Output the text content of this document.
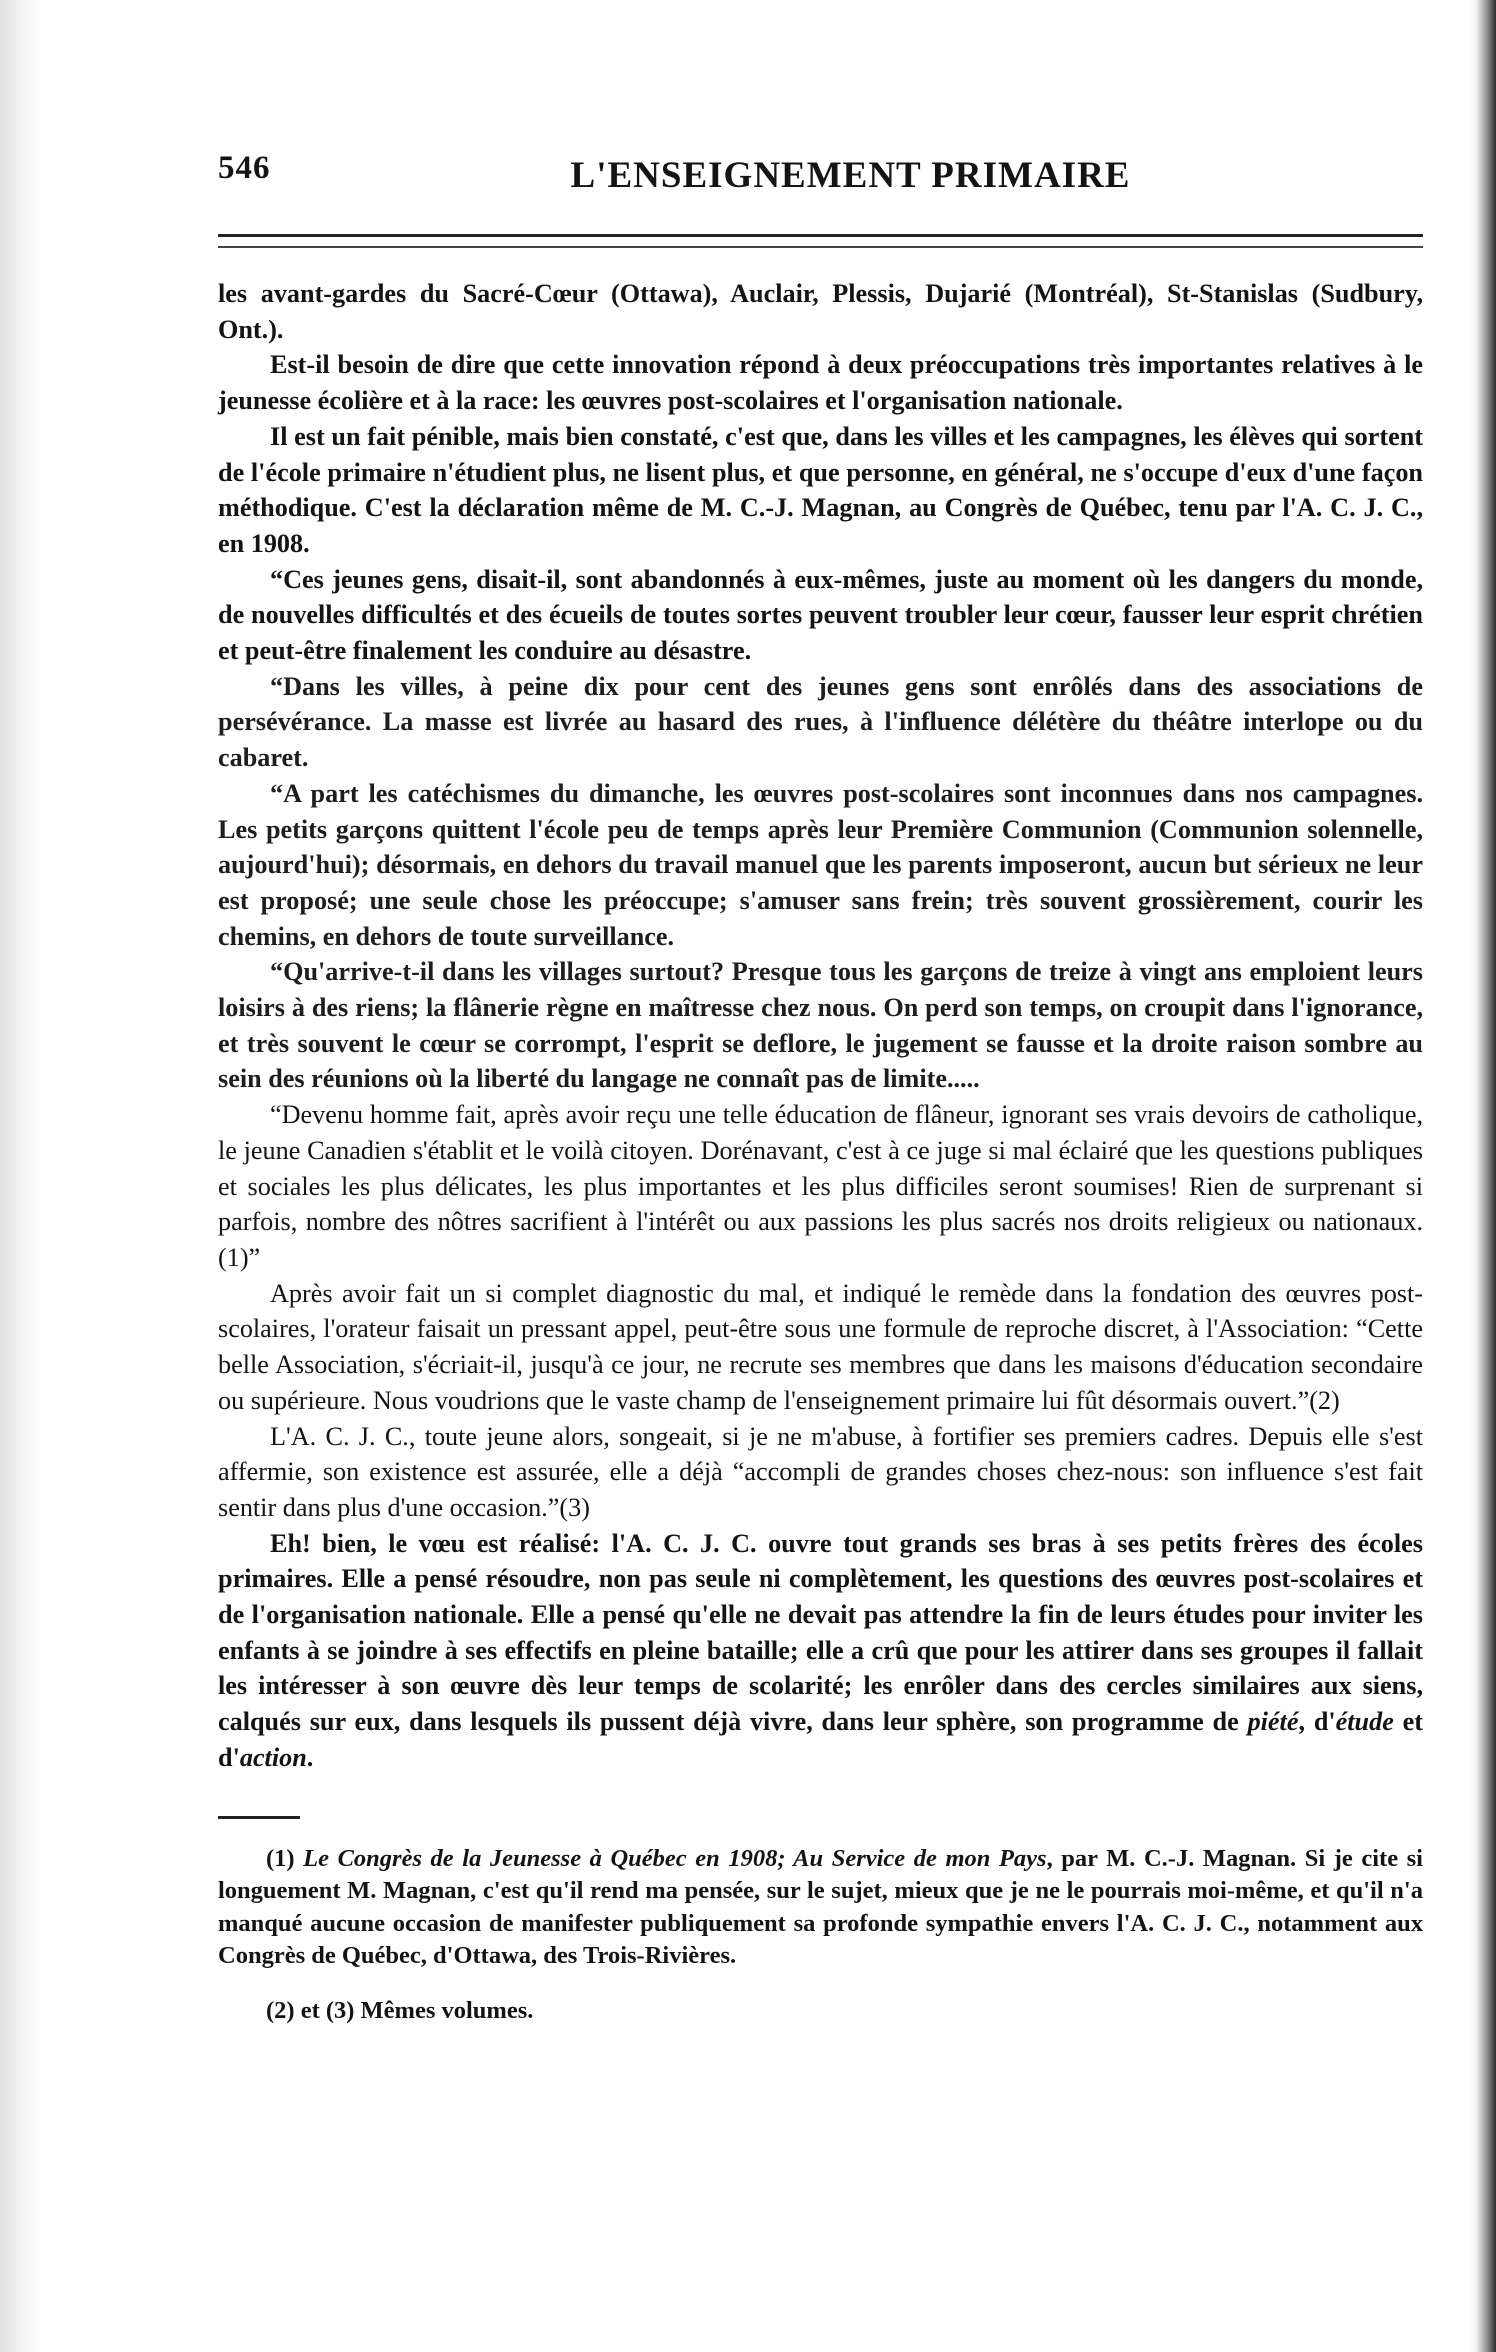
546	L'ENSEIGNEMENT PRIMAIRE

les avant-gardes du Sacré-Cœur (Ottawa), Auclair, Plessis, Dujarié (Montréal), St-Stanislas (Sudbury, Ont.).

Est-il besoin de dire que cette innovation répond à deux préoccupations très importantes relatives à le jeunesse écolière et à la race: les œuvres post-scolaires et l'organisation nationale.

Il est un fait pénible, mais bien constaté, c'est que, dans les villes et les campagnes, les élèves qui sortent de l'école primaire n'étudient plus, ne lisent plus, et que personne, en général, ne s'occupe d'eux d'une façon méthodique. C'est la déclaration même de M. C.-J. Magnan, au Congrès de Québec, tenu par l'A. C. J. C., en 1908.

“Ces jeunes gens, disait-il, sont abandonnés à eux-mêmes, juste au moment où les dangers du monde, de nouvelles difficultés et des écueils de toutes sortes peuvent troubler leur cœur, fausser leur esprit chrétien et peut-être finalement les conduire au désastre.

“Dans les villes, à peine dix pour cent des jeunes gens sont enrôlés dans des associations de persévérance. La masse est livrée au hasard des rues, à l'influence délétère du théâtre interlope ou du cabaret.

“A part les catéchismes du dimanche, les œuvres post-scolaires sont inconnues dans nos campagnes. Les petits garçons quittent l'école peu de temps après leur Première Communion (Communion solennelle, aujourd'hui); désormais, en dehors du travail manuel que les parents imposeront, aucun but sérieux ne leur est proposé; une seule chose les préoccupe; s'amuser sans frein; très souvent grossièrement, courir les chemins, en dehors de toute surveillance.

“Qu'arrive-t-il dans les villages surtout? Presque tous les garçons de treize à vingt ans emploient leurs loisirs à des riens; la flânerie règne en maîtresse chez nous. On perd son temps, on croupit dans l'ignorance, et très souvent le cœur se corrompt, l'esprit se deflore, le jugement se fausse et la droite raison sombre au sein des réunions où la liberté du langage ne connaît pas de limite.....

“Devenu homme fait, après avoir reçu une telle éducation de flâneur, ignorant ses vrais devoirs de catholique, le jeune Canadien s'établit et le voilà citoyen. Dorénavant, c'est à ce juge si mal éclairé que les questions publiques et sociales les plus délicates, les plus importantes et les plus difficiles seront soumises! Rien de surprenant si parfois, nombre des nôtres sacrifient à l'intérêt ou aux passions les plus sacrés nos droits religieux ou nationaux.(1)”

Après avoir fait un si complet diagnostic du mal, et indiqué le remède dans la fondation des œuvres post-scolaires, l'orateur faisait un pressant appel, peut-être sous une formule de reproche discret, à l'Association: “Cette belle Association, s'écriait-il, jusqu'à ce jour, ne recrute ses membres que dans les maisons d'éducation secondaire ou supérieure. Nous voudrions que le vaste champ de l'enseignement primaire lui fût désormais ouvert.”(2)

L'A. C. J. C., toute jeune alors, songeait, si je ne m'abuse, à fortifier ses premiers cadres. Depuis elle s'est affermie, son existence est assurée, elle a déjà “accompli de grandes choses chez-nous: son influence s'est fait sentir dans plus d'une occasion.”(3)

Eh! bien, le vœu est réalisé: l'A. C. J. C. ouvre tout grands ses bras à ses petits frères des écoles primaires. Elle a pensé résoudre, non pas seule ni complètement, les questions des œuvres post-scolaires et de l'organisation nationale. Elle a pensé qu'elle ne devait pas attendre la fin de leurs études pour inviter les enfants à se joindre à ses effectifs en pleine bataille; elle a crû que pour les attirer dans ses groupes il fallait les intéresser à son œuvre dès leur temps de scolarité; les enrôler dans des cercles similaires aux siens, calqués sur eux, dans lesquels ils pussent déjà vivre, dans leur sphère, son programme de piété, d'étude et d'action.

(1) Le Congrès de la Jeunesse à Québec en 1908; Au Service de mon Pays, par M. C.-J. Magnan. Si je cite si longuement M. Magnan, c'est qu'il rend ma pensée, sur le sujet, mieux que je ne le pourrais moi-même, et qu'il n'a manqué aucune occasion de manifester publiquement sa profonde sympathie envers l'A. C. J. C., notamment aux Congrès de Québec, d'Ottawa, des Trois-Rivières.

(2) et (3) Mêmes volumes.
